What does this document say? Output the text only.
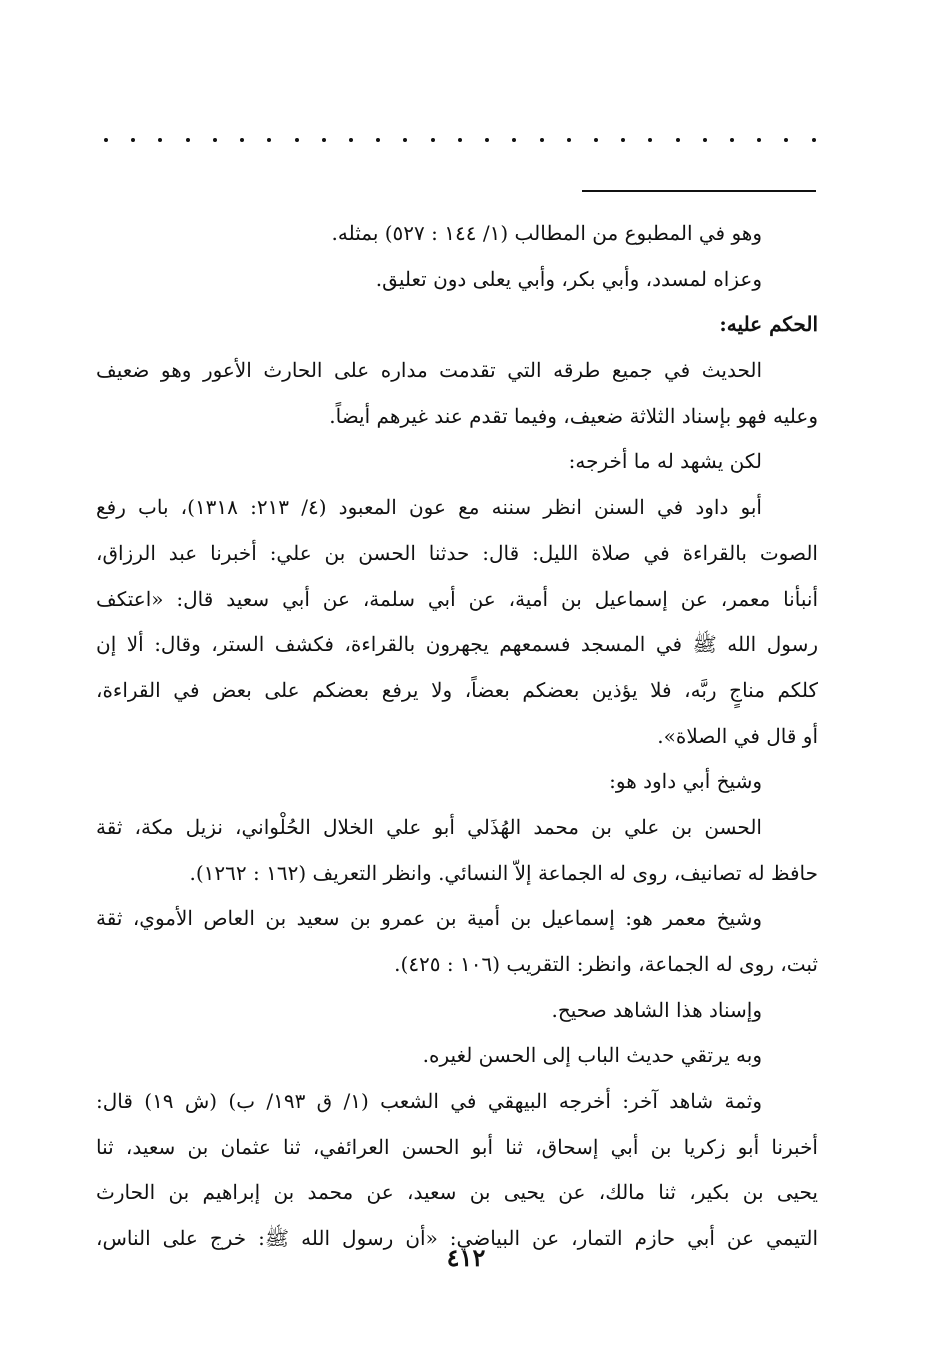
وهو في المطبوع من المطالب (١/ ١٤٤ : ٥٢٧) بمثله.
وعزاه لمسدد، وأبي بكر، وأبي يعلى دون تعليق.
الحكم عليه:
الحديث في جميع طرقه التي تقدمت مداره على الحارث الأعور وهو ضعيف
وعليه فهو بإسناد الثلاثة ضعيف، وفيما تقدم عند غيرهم أيضاً.
لكن يشهد له ما أخرجه:
أبو داود في السنن انظر سننه مع عون المعبود (٤/ ٢١٣: ١٣١٨)، باب رفع
الصوت بالقراءة في صلاة الليل: قال: حدثنا الحسن بن علي: أخبرنا عبد الرزاق،
أنبأنا معمر، عن إسماعيل بن أمية، عن أبي سلمة، عن أبي سعيد قال: «اعتكف
رسول الله ﷺ في المسجد فسمعهم يجهرون بالقراءة، فكشف الستر، وقال: ألا إن
كلكم مناجٍ ربَّه، فلا يؤذين بعضكم بعضاً، ولا يرفع بعضكم على بعض في القراءة،
أو قال في الصلاة».
وشيخ أبي داود هو:
الحسن بن علي بن محمد الهُذَلي أبو علي الخلال الحُلْواني، نزيل مكة، ثقة
حافظ له تصانيف، روى له الجماعة إلاّ النسائي. وانظر التعريف (١٦٢ : ١٢٦٢).
وشيخ معمر هو: إسماعيل بن أمية بن عمرو بن سعيد بن العاص الأموي، ثقة
ثبت، روى له الجماعة، وانظر: التقريب (١٠٦ : ٤٢٥).
وإسناد هذا الشاهد صحيح.
وبه يرتقي حديث الباب إلى الحسن لغيره.
وثمة شاهد آخر: أخرجه البيهقي في الشعب (١/ ق ١٩٣/ ب) (ش ١٩) قال:
أخبرنا أبو زكريا بن أبي إسحاق، ثنا أبو الحسن العرائفي، ثنا عثمان بن سعيد، ثنا
يحيى بن بكير، ثنا مالك، عن يحيى بن سعيد، عن محمد بن إبراهيم بن الحارث
التيمي عن أبي حازم التمار، عن البياضي: «أن رسول الله ﷺ: خرج على الناس،
٤١٢
